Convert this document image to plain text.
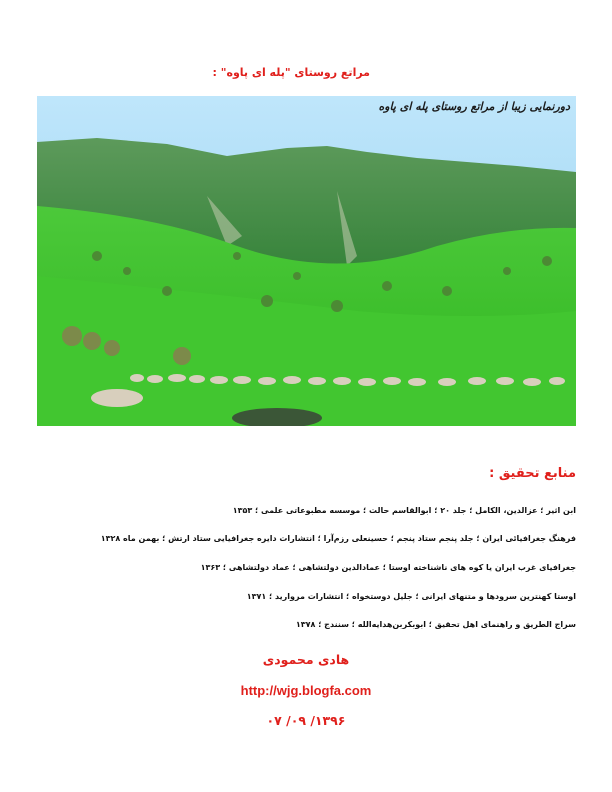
مراتع روستای "پله ای پاوه" :
دورنمایی زیبا از مراتع روستای پله ای پاوه
منابع تحقیق :
ابن اثیر ؛ عزالدین، الکامل ؛ جلد ۲۰ ؛ ابوالقاسم حالت ؛ موسسه مطبوعاتی علمی ؛ ۱۳۵۳
فرهنگ جغرافیائی ایران ؛ جلد پنجم ستاد پنجم ؛ حسینعلی رزم‌آرا ؛ انتشارات دایره جغرافیایی ستاد ارتش ؛ بهمن ماه ۱۳۲۸
جغرافیای غرب ایران یا کوه های ناشناخته اوستا ؛ عمادالدین دولتشاهی ؛ عماد دولتشاهی ؛ ۱۳۶۳
اوستا کهنترین سرودها و متنهای ایرانی ؛ جلیل دوستخواه ؛ انتشارات مروارید ؛ ۱۳۷۱
سراج الطریق و راهنمای اهل تحقیق ؛ ابوبکربن‌هدایه‌الله ؛ سنندج ؛ ۱۳۷۸
هادی محمودی
http://wjg.blogfa.com
۱۳۹۶/ ۰۹/ ۰۷
